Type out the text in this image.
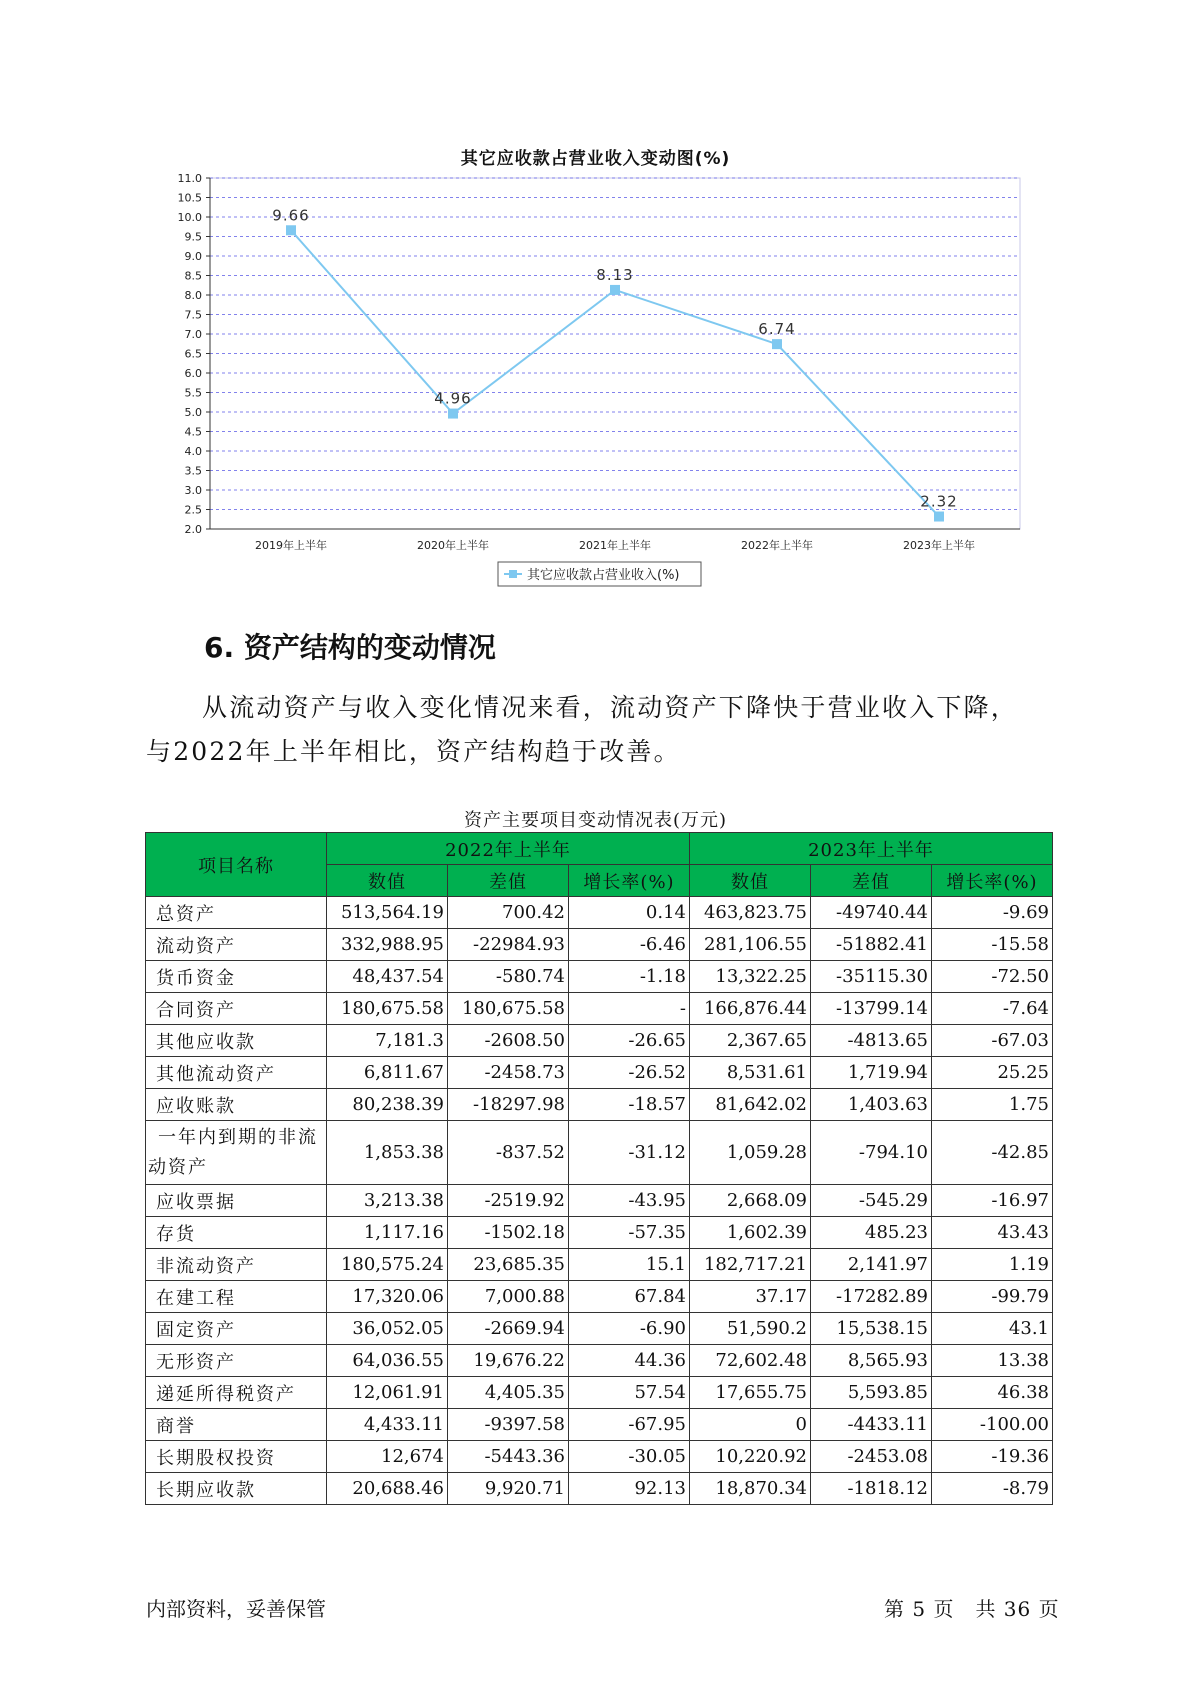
其它应收款占营业收入变动图(%)
2.0
2.5
3.0
3.5
4.0
4.5
5.0
5.5
6.0
6.5
7.0
7.5
8.0
8.5
9.0
9.5
10.0
10.5
11.0
2019年上半年	2020年上半年	2021年上半年	2022年上半年	2023年上半年
9.66
4.96
8.13
6.74
2.32
其它应收款占营业收入(%)
6. 资产结构的变动情况
从流动资产与收入变化情况来看，流动资产下降快于营业收入下降，
与2022年上半年相比，资产结构趋于改善。
资产主要项目变动情况表(万元)
项目名称	2022年上半年			2023年上半年		
	数值	差值	增长率(%)	数值	差值	增长率(%)
总资产	513,564.19	700.42	0.14	463,823.75	-49740.44	-9.69
流动资产	332,988.95	-22984.93	-6.46	281,106.55	-51882.41	-15.58
货币资金	48,437.54	-580.74	-1.18	13,322.25	-35115.30	-72.50
合同资产	180,675.58	180,675.58	-	166,876.44	-13799.14	-7.64
其他应收款	7,181.3	-2608.50	-26.65	2,367.65	-4813.65	-67.03
其他流动资产	6,811.67	-2458.73	-26.52	8,531.61	1,719.94	25.25
应收账款	80,238.39	-18297.98	-18.57	81,642.02	1,403.63	1.75
一年内到期的非流动资产	1,853.38	-837.52	-31.12	1,059.28	-794.10	-42.85
应收票据	3,213.38	-2519.92	-43.95	2,668.09	-545.29	-16.97
存货	1,117.16	-1502.18	-57.35	1,602.39	485.23	43.43
非流动资产	180,575.24	23,685.35	15.1	182,717.21	2,141.97	1.19
在建工程	17,320.06	7,000.88	67.84	37.17	-17282.89	-99.79
固定资产	36,052.05	-2669.94	-6.90	51,590.2	15,538.15	43.1
无形资产	64,036.55	19,676.22	44.36	72,602.48	8,565.93	13.38
递延所得税资产	12,061.91	4,405.35	57.54	17,655.75	5,593.85	46.38
商誉	4,433.11	-9397.58	-67.95	0	-4433.11	-100.00
长期股权投资	12,674	-5443.36	-30.05	10,220.92	-2453.08	-19.36
长期应收款	20,688.46	9,920.71	92.13	18,870.34	-1818.12	-8.79
内部资料，妥善保管	第 5 页　共 36 页
